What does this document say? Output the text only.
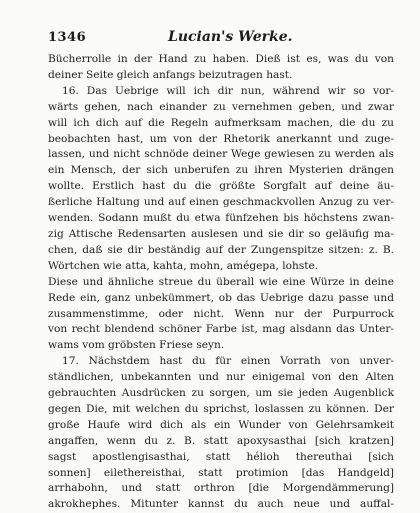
1346	Lucian's Werke.
Bücherrolle in der Hand zu haben. Dieß ist es, was du von
deiner Seite gleich anfangs beizutragen hast.
16. Das Uebrige will ich dir nun, während wir so vor-
wärts gehen, nach einander zu vernehmen geben, und zwar
will ich dich auf die Regeln aufmerksam machen, die du zu
beobachten hast, um von der Rhetorik anerkannt und zuge-
lassen, und nicht schnöde deiner Wege gewiesen zu werden als
ein Mensch, der sich unberufen zu ihren Mysterien drängen
wollte. Erstlich hast du die größte Sorgfalt auf deine äu-
ßerliche Haltung und auf einen geschmackvollen Anzug zu ver-
wenden. Sodann mußt du etwa fünfzehen bis höchstens zwan-
zig Attische Redensarten auslesen und sie dir so geläufig ma-
chen, daß sie dir beständig auf der Zungenspitze sitzen: z. B.
Wörtchen wie atta, kahta, mohn, amégepa, lohste.
Diese und ähnliche streue du überall wie eine Würze in deine
Rede ein, ganz unbekümmert, ob das Uebrige dazu passe und
zusammenstimme, oder nicht. Wenn nur der Purpurrock
von recht blendend schöner Farbe ist, mag alsdann das Unter-
wams vom gröbsten Friese seyn.
17. Nächstdem hast du für einen Vorrath von unver-
ständlichen, unbekannten und nur einigemal von den Alten
gebrauchten Ausdrücken zu sorgen, um sie jeden Augenblick
gegen Die, mit welchen du sprichst, loslassen zu können. Der
große Haufe wird dich als ein Wunder von Gelehrsamkeit
angaffen, wenn du z. B. statt apoxysasthai [sich kratzen]
sagst apostlengisasthai, statt hélioh thereuthai [sich
sonnen] eiletherеisthai, statt protimion [das Handgeld]
arrhabohn, und statt orthron [die Morgendämmerung]
akrokhephes. Mitunter kannst du auch neue und auffal-
